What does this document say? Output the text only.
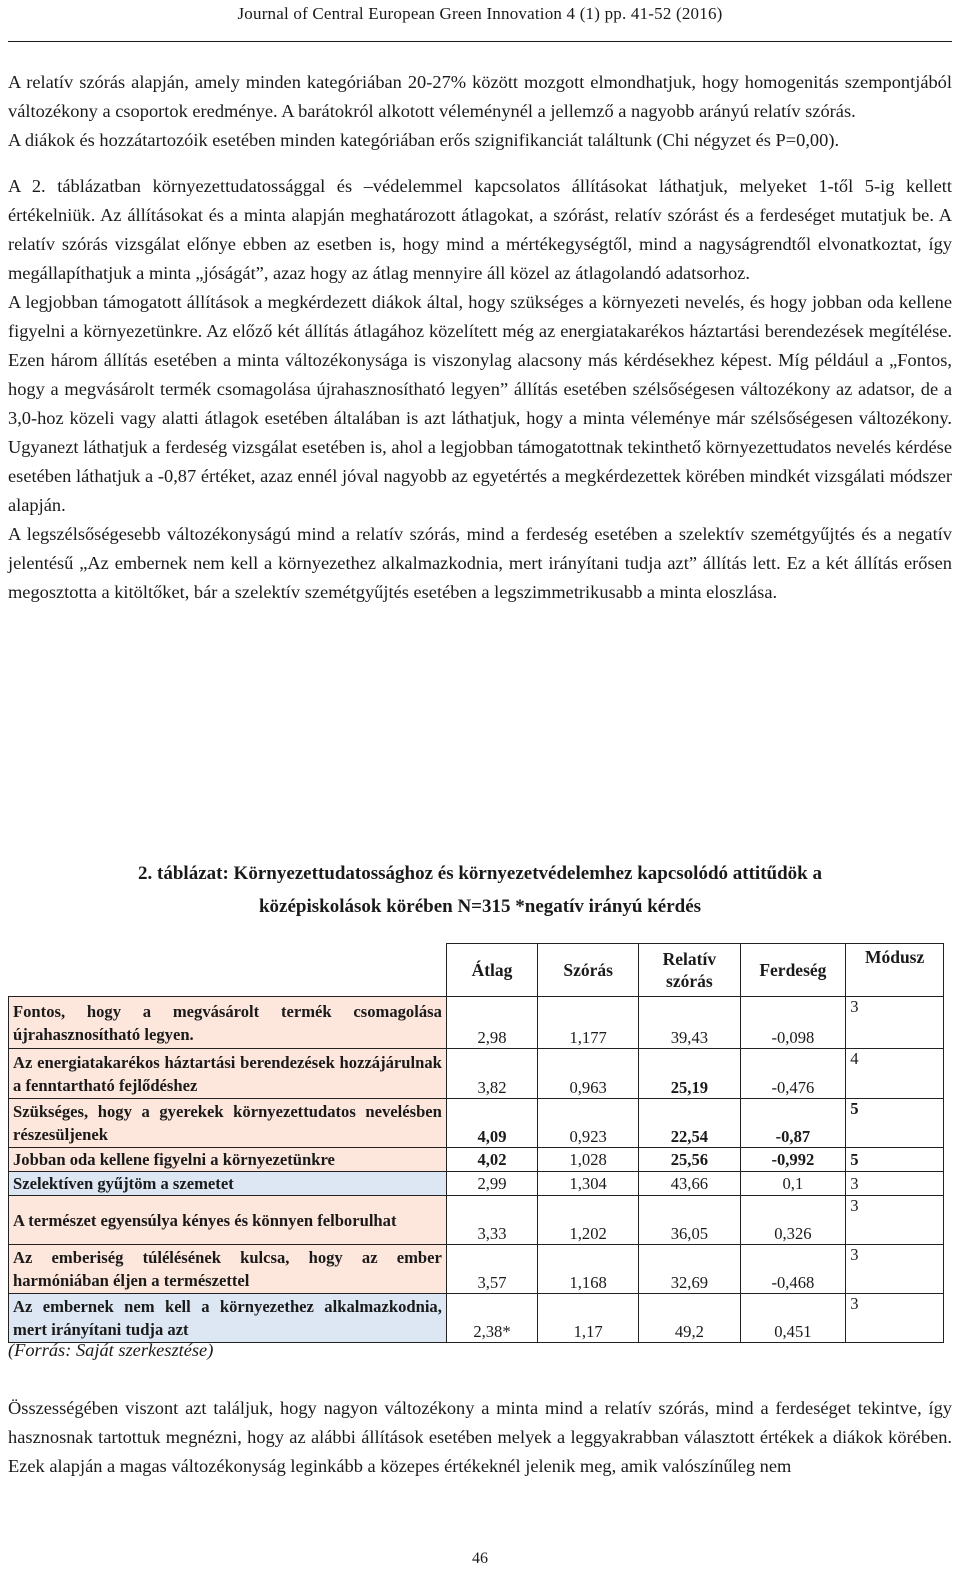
Journal of Central European Green Innovation 4 (1) pp. 41-52 (2016)

A relatív szórás alapján, amely minden kategóriában 20-27% között mozgott elmondhatjuk, hogy homogenitás szempontjából változékony a csoportok eredménye. A barátokról alkotott véleménynél a jellemző a nagyobb arányú relatív szórás.

A diákok és hozzátartozóik esetében minden kategóriában erős szignifikanciát találtunk (Chi négyzet és P=0,00).

A 2. táblázatban környezettudatossággal és –védelemmel kapcsolatos állításokat láthatjuk, melyeket 1-től 5-ig kellett értékelniük. Az állításokat és a minta alapján meghatározott átlagokat, a szórást, relatív szórást és a ferdeséget mutatjuk be. A relatív szórás vizsgálat előnye ebben az esetben is, hogy mind a mértékegységtől, mind a nagyságrendtől elvonatkoztat, így megállapíthatjuk a minta „jóságát”, azaz hogy az átlag mennyire áll közel az átlagolandó adatsorhoz.

A legjobban támogatott állítások a megkérdezett diákok által, hogy szükséges a környezeti nevelés, és hogy jobban oda kellene figyelni a környezetünkre. Az előző két állítás átlagához közelített még az energiatakarékos háztartási berendezések megítélése. Ezen három állítás esetében a minta változékonysága is viszonylag alacsony más kérdésekhez képest. Míg például a „Fontos, hogy a megvásárolt termék csomagolása újrahasznosítható legyen” állítás esetében szélsőségesen változékony az adatsor, de a 3,0-hoz közeli vagy alatti átlagok esetében általában is azt láthatjuk, hogy a minta véleménye már szélsőségesen változékony. Ugyanezt láthatjuk a ferdeség vizsgálat esetében is, ahol a legjobban támogatottnak tekinthető környezettudatos nevelés kérdése esetében láthatjuk a -0,87 értéket, azaz ennél jóval nagyobb az egyetértés a megkérdezettek körében mindkét vizsgálati módszer alapján.

A legszélsőségesebb változékonyságú mind a relatív szórás, mind a ferdeség esetében a szelektív szemétgyűjtés és a negatív jelentésű „Az embernek nem kell a környezethez alkalmazkodnia, mert irányítani tudja azt” állítás lett. Ez a két állítás erősen megosztotta a kitöltőket, bár a szelektív szemétgyűjtés esetében a legszimmetrikusabb a minta eloszlása.

2. táblázat: Környezettudatossághoz és környezetvédelemhez kapcsolódó attitűdök a
középiskolások körében N=315 *negatív irányú kérdés
	Átlag	Szórás	Relatív szórás	Ferdeség	Módusz
Fontos, hogy a megvásárolt termék csomagolása újrahasznosítható legyen.	2,98	1,177	39,43	-0,098	3
Az energiatakarékos háztartási berendezések hozzájárulnak a fenntartható fejlődéshez	3,82	0,963	25,19	-0,476	4
Szükséges, hogy a gyerekek környezettudatos nevelésben részesüljenek	4,09	0,923	22,54	-0,87	5
Jobban oda kellene figyelni a környezetünkre	4,02	1,028	25,56	-0,992	5
Szelektíven gyűjtöm a szemetet	2,99	1,304	43,66	0,1	3
A természet egyensúlya kényes és könnyen felborulhat	3,33	1,202	36,05	0,326	3
Az emberiség túlélésének kulcsa, hogy az ember harmóniában éljen a természettel	3,57	1,168	32,69	-0,468	3
Az embernek nem kell a környezethez alkalmazkodnia, mert irányítani tudja azt	2,38*	1,17	49,2	0,451	3
(Forrás: Saját szerkesztése)

Összességében viszont azt találjuk, hogy nagyon változékony a minta mind a relatív szórás, mind a ferdeséget tekintve, így hasznosnak tartottuk megnézni, hogy az alábbi állítások esetében melyek a leggyakrabban választott értékek a diákok körében. Ezek alapján a magas változékonyság leginkább a közepes értékeknél jelenik meg, amik valószínűleg nem

46
